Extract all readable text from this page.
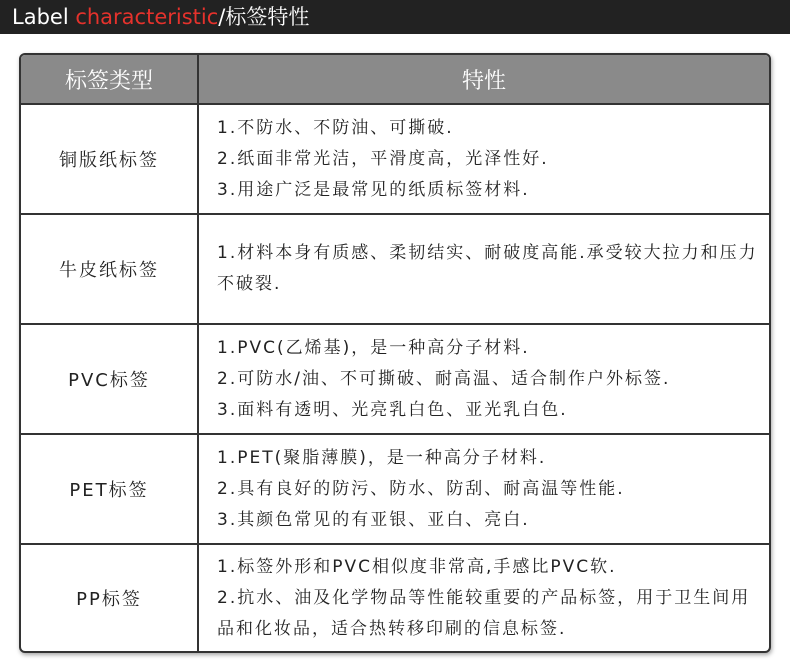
Label characteristic/标签特性
标签类型	特性
铜版纸标签	1.不防水、不防油、可撕破.
2.纸面非常光洁，平滑度高，光泽性好.
3.用途广泛是最常见的纸质标签材料.

牛皮纸标签	1.材料本身有质感、柔韧结实、耐破度高能.承受较大拉力和压力不破裂.

PVC标签	1.PVC(乙烯基)，是一种高分子材料.
2.可防水/油、不可撕破、耐高温、适合制作户外标签.
3.面料有透明、光亮乳白色、亚光乳白色.

PET标签	1.PET(聚脂薄膜)，是一种高分子材料.
2.具有良好的防污、防水、防刮、耐高温等性能.
3.其颜色常见的有亚银、亚白、亮白.

PP标签	1.标签外形和PVC相似度非常高,手感比PVC软.
2.抗水、油及化学物品等性能较重要的产品标签，用于卫生间用品和化妆品，适合热转移印刷的信息标签.
